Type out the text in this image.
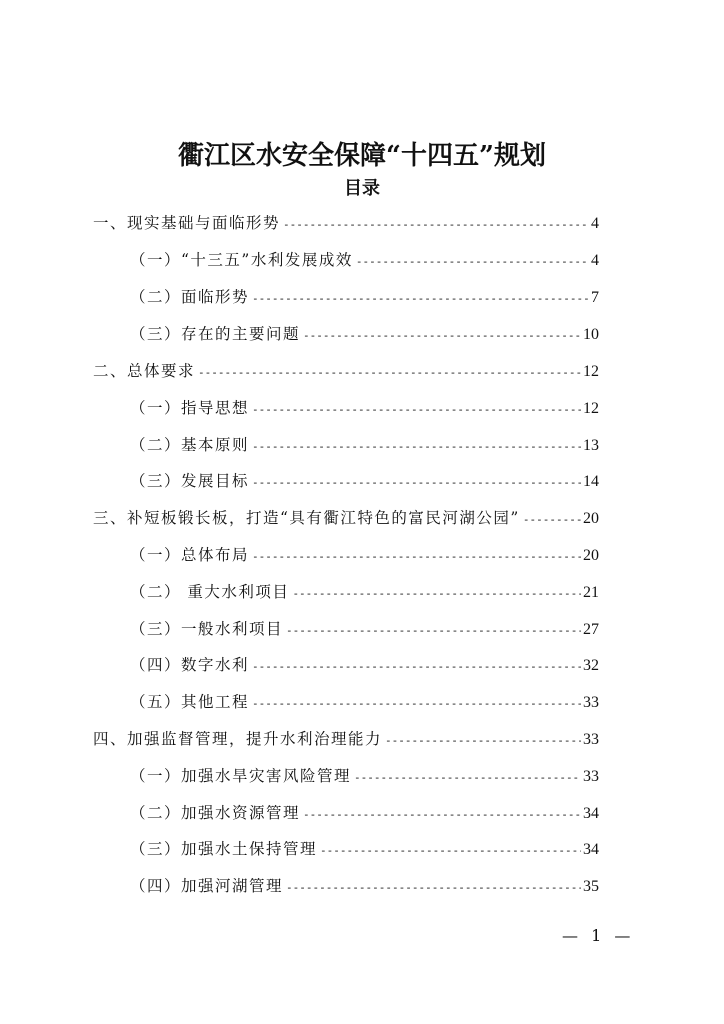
衢江区水安全保障“十四五”规划
目录
一、现实基础与面临形势 -----	4
（一）“十三五”水利发展成效 -----	4
（二）面临形势 -----	7
（三）存在的主要问题 -----	10
二、总体要求 -----	12
（一）指导思想 -----	12
（二）基本原则 -----	13
（三）发展目标 -----	14
三、补短板锻长板，打造“具有衢江特色的富民河湖公园” -----	20
（一）总体布局 -----	20
（二） 重大水利项目 -----	21
（三）一般水利项目 -----	27
（四）数字水利 -----	32
（五）其他工程 -----	33
四、加强监督管理，提升水利治理能力 -----	33
（一）加强水旱灾害风险管理 -----	33
（二）加强水资源管理 -----	34
（三）加强水土保持管理 -----	34
（四）加强河湖管理 -----	35
— 1 —
